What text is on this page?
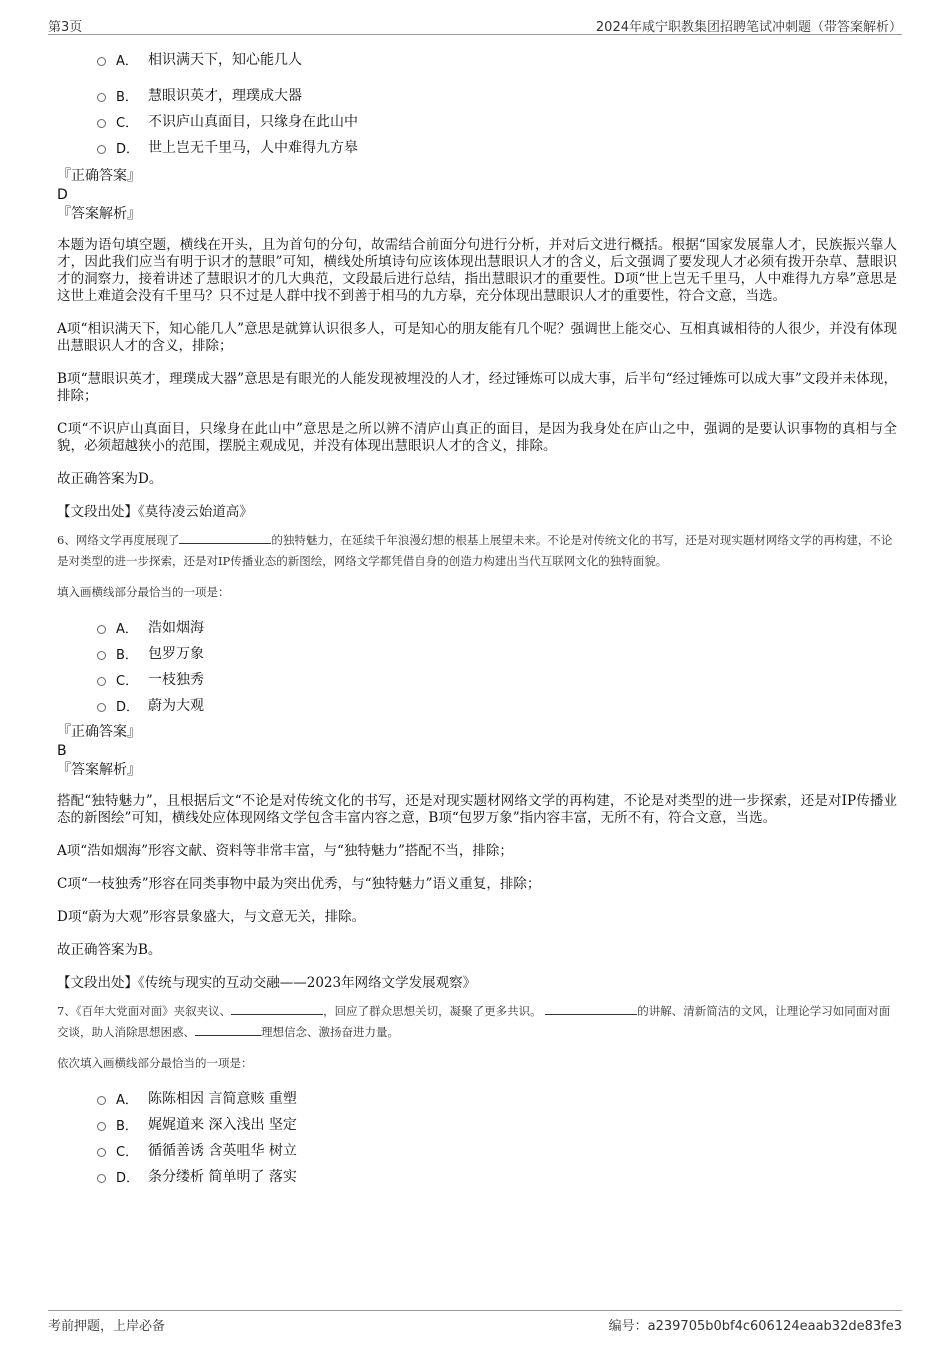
第3页	2024年咸宁职教集团招聘笔试冲刺题（带答案解析）
A． 相识满天下，知心能几人
B． 慧眼识英才，理璞成大器
C． 不识庐山真面目，只缘身在此山中
D． 世上岂无千里马，人中难得九方皋
『正确答案』
D
『答案解析』
本题为语句填空题，横线在开头，且为首句的分句，故需结合前面分句进行分析，并对后文进行概括。根据“国家发展靠人才，民族振兴靠人才，因此我们应当有明于识才的慧眼”可知，横线处所填诗句应该体现出慧眼识人才的含义，后文强调了要发现人才必须有拨开杂草、慧眼识才的洞察力，接着讲述了慧眼识才的几大典范，文段最后进行总结，指出慧眼识才的重要性。D项“世上岂无千里马，人中难得九方皋”意思是这世上难道会没有千里马？只不过是人群中找不到善于相马的九方皋，充分体现出慧眼识人才的重要性，符合文意，当选。
A项“相识满天下，知心能几人”意思是就算认识很多人，可是知心的朋友能有几个呢？强调世上能交心、互相真诚相待的人很少，并没有体现出慧眼识人才的含义，排除；
B项“慧眼识英才，理璞成大器”意思是有眼光的人能发现被埋没的人才，经过锤炼可以成大事，后半句“经过锤炼可以成大事”文段并未体现，排除；
C项“不识庐山真面目，只缘身在此山中”意思是之所以辨不清庐山真正的面目，是因为我身处在庐山之中，强调的是要认识事物的真相与全貌，必须超越狭小的范围，摆脱主观成见，并没有体现出慧眼识人才的含义，排除。
故正确答案为D。
【文段出处】《莫待凌云始道高》
6、网络文学再度展现了	的独特魅力，在延续千年浪漫幻想的根基上展望未来。不论是对传统文化的书写，还是对现实题材网络文学的再构建，不论是对类型的进一步探索，还是对IP传播业态的新图绘，网络文学都凭借自身的创造力构建出当代互联网文化的独特面貌。
填入画横线部分最恰当的一项是：
A． 浩如烟海
B． 包罗万象
C． 一枝独秀
D． 蔚为大观
『正确答案』
B
『答案解析』
搭配“独特魅力”，且根据后文“不论是对传统文化的书写，还是对现实题材网络文学的再构建，不论是对类型的进一步探索，还是对IP传播业态的新图绘”可知，横线处应体现网络文学包含丰富内容之意，B项“包罗万象”指内容丰富，无所不有，符合文意，当选。
A项“浩如烟海”形容文献、资料等非常丰富，与“独特魅力”搭配不当，排除；
C项“一枝独秀”形容在同类事物中最为突出优秀，与“独特魅力”语义重复，排除；
D项“蔚为大观”形容景象盛大，与文意无关，排除。
故正确答案为B。
【文段出处】《传统与现实的互动交融——2023年网络文学发展观察》
7、《百年大党面对面》夹叙夹议、	，回应了群众思想关切，凝聚了更多共识。	的讲解、清新简洁的文风，让理论学习如同面对面交谈，助人消除思想困惑、	理想信念、激扬奋进力量。
依次填入画横线部分最恰当的一项是：
A． 陈陈相因 言简意赅 重塑
B． 娓娓道来 深入浅出 坚定
C． 循循善诱 含英咀华 树立
D． 条分缕析 简单明了 落实
考前押题，上岸必备	编号：a239705b0bf4c606124eaab32de83fe3
